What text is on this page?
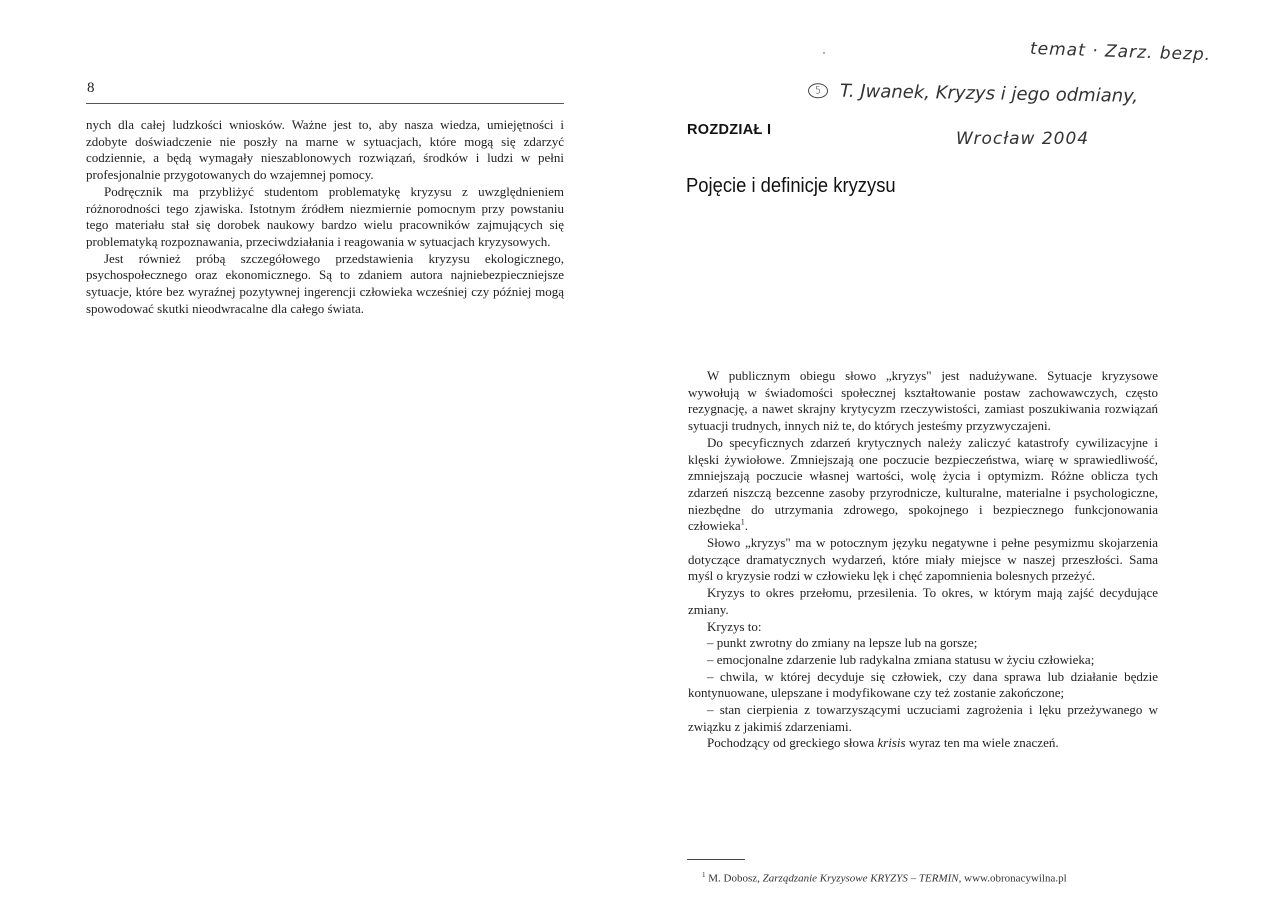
8

nych dla całej ludzkości wniosków. Ważne jest to, aby nasza wiedza, umiejętności i zdobyte doświadczenie nie poszły na marne w sytuacjach, które mogą się zdarzyć codziennie, a będą wymagały nieszablonowych rozwiązań, środków i ludzi w pełni profesjonalnie przygotowanych do wzajemnej pomocy.

Podręcznik ma przybliżyć studentom problematykę kryzysu z uwzględnieniem różnorodności tego zjawiska. Istotnym źródłem niezmiernie pomocnym przy powstaniu tego materiału stał się dorobek naukowy bardzo wielu pracowników zajmujących się problematyką rozpoznawania, przeciwdziałania i reagowania w sytuacjach kryzysowych.

Jest również próbą szczegółowego przedstawienia kryzysu ekologicznego, psychospołecznego oraz ekonomicznego. Są to zdaniem autora najniebezpieczniejsze sytuacje, które bez wyraźnej pozytywnej ingerencji człowieka wcześniej czy później mogą spowodować skutki nieodwracalne dla całego świata.

temat · Zarz. bezp.
5 T. Jwanek, Kryzys i jego odmiany,
Wrocław 2004
ROZDZIAŁ I
Pojęcie i definicje kryzysu

W publicznym obiegu słowo „kryzys" jest nadużywane. Sytuacje kryzysowe wywołują w świadomości społecznej kształtowanie postaw zachowawczych, często rezygnację, a nawet skrajny krytycyzm rzeczywistości, zamiast poszukiwania rozwiązań sytuacji trudnych, innych niż te, do których jesteśmy przyzwyczajeni.

Do specyficznych zdarzeń krytycznych należy zaliczyć katastrofy cywilizacyjne i klęski żywiołowe. Zmniejszają one poczucie bezpieczeństwa, wiarę w sprawiedliwość, zmniejszają poczucie własnej wartości, wolę życia i optymizm. Różne oblicza tych zdarzeń niszczą bezcenne zasoby przyrodnicze, kulturalne, materialne i psychologiczne, niezbędne do utrzymania zdrowego, spokojnego i bezpiecznego funkcjonowania człowieka$^1$.

Słowo „kryzys" ma w potocznym języku negatywne i pełne pesymizmu skojarzenia dotyczące dramatycznych wydarzeń, które miały miejsce w naszej przeszłości. Sama myśl o kryzysie rodzi w człowieku lęk i chęć zapomnienia bolesnych przeżyć.

Kryzys to okres przełomu, przesilenia. To okres, w którym mają zajść decydujące zmiany.

Kryzys to:

– punkt zwrotny do zmiany na lepsze lub na gorsze;

– emocjonalne zdarzenie lub radykalna zmiana statusu w życiu człowieka;

– chwila, w której decyduje się człowiek, czy dana sprawa lub działanie będzie kontynuowane, ulepszane i modyfikowane czy też zostanie zakończone;

– stan cierpienia z towarzyszącymi uczuciami zagrożenia i lęku przeżywanego w związku z jakimiś zdarzeniami.

Pochodzący od greckiego słowa krisis wyraz ten ma wiele znaczeń.

$^1$ M. Dobosz, Zarządzanie Kryzysowe KRYZYS – TERMIN, www.obronacywilna.pl
